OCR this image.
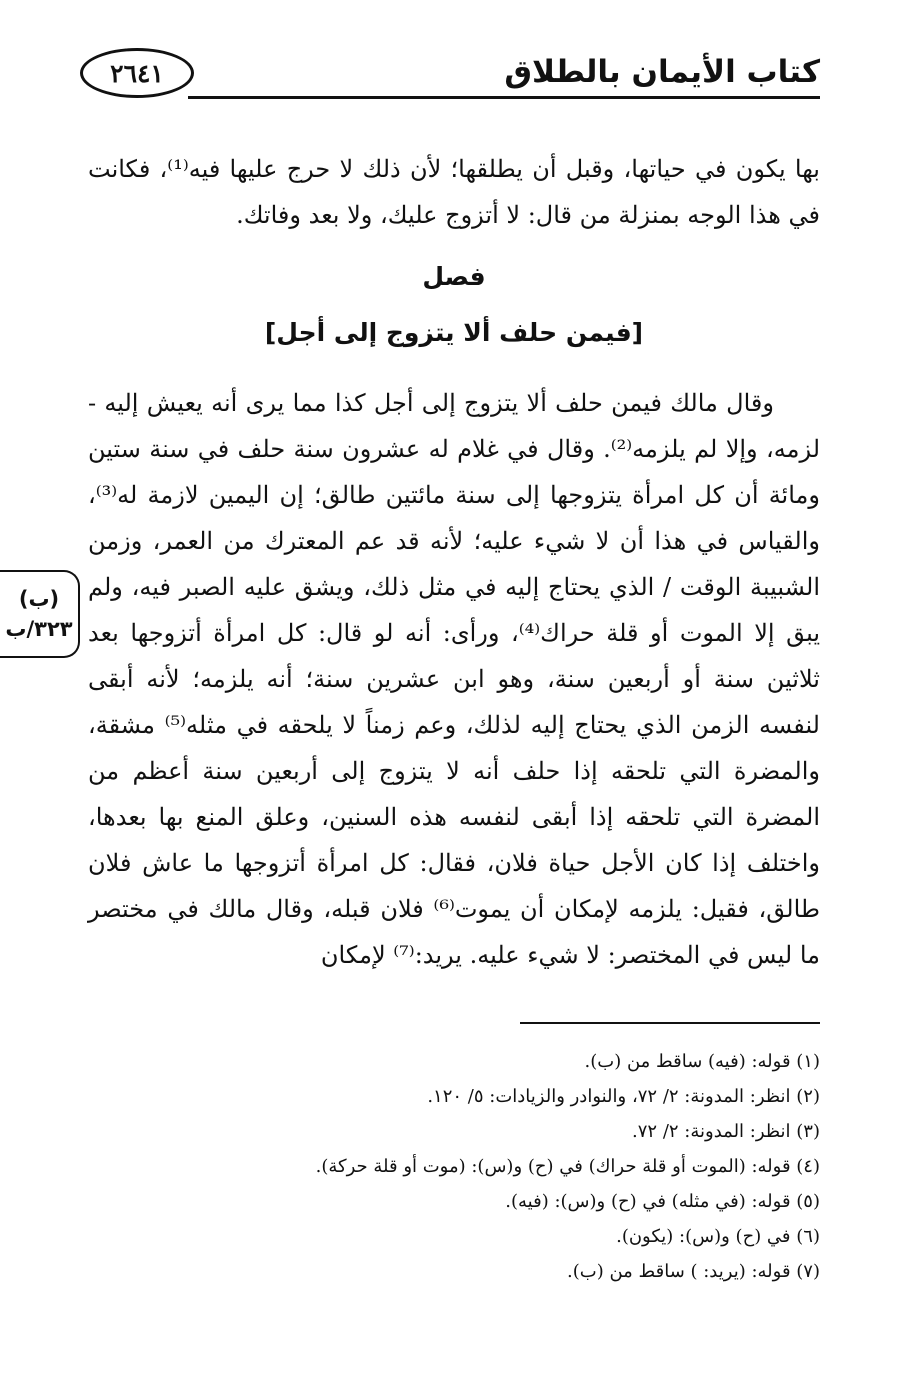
كتاب الأيمان بالطلاق
٢٦٤١
بها يكون في حياتها، وقبل أن يطلقها؛ لأن ذلك لا حرج عليها فيه⁽¹⁾، فكانت في هذا الوجه بمنزلة من قال: لا أتزوج عليك، ولا بعد وفاتك.
فصل
[فيمن حلف ألا يتزوج إلى أجل]
وقال مالك فيمن حلف ألا يتزوج إلى أجل كذا مما يرى أنه يعيش إليه - لزمه، وإلا لم يلزمه⁽²⁾. وقال في غلام له عشرون سنة حلف في سنة ستين ومائة أن كل امرأة يتزوجها إلى سنة مائتين طالق؛ إن اليمين لازمة له⁽³⁾، والقياس في هذا أن لا شيء عليه؛ لأنه قد عم المعترك من العمر، وزمن الشبيبة الوقت / الذي يحتاج إليه في مثل ذلك، ويشق عليه الصبر فيه، ولم يبق إلا الموت أو قلة حراك⁽⁴⁾، ورأى: أنه لو قال: كل امرأة أتزوجها بعد ثلاثين سنة أو أربعين سنة، وهو ابن عشرين سنة؛ أنه يلزمه؛ لأنه أبقى لنفسه الزمن الذي يحتاج إليه لذلك، وعم زمناً لا يلحقه في مثله⁽⁵⁾ مشقة، والمضرة التي تلحقه إذا حلف أنه لا يتزوج إلى أربعين سنة أعظم من المضرة التي تلحقه إذا أبقى لنفسه هذه السنين، وعلق المنع بها بعدها، واختلف إذا كان الأجل حياة فلان، فقال: كل امرأة أتزوجها ما عاش فلان طالق، فقيل: يلزمه لإمكان أن يموت⁽⁶⁾ فلان قبله، وقال مالك في مختصر ما ليس في المختصر: لا شيء عليه. يريد:⁽⁷⁾ لإمكان
(ب)
٣٢٣/ب
(١) قوله: (فيه) ساقط من (ب).
(٢) انظر: المدونة: ٢/ ٧٢، والنوادر والزيادات: ٥/ ١٢٠.
(٣) انظر: المدونة: ٢/ ٧٢.
(٤) قوله: (الموت أو قلة حراك) في (ح) و(س): (موت أو قلة حركة).
(٥) قوله: (في مثله) في (ح) و(س): (فيه).
(٦) في (ح) و(س): (يكون).
(٧) قوله: (يريد: ) ساقط من (ب).
